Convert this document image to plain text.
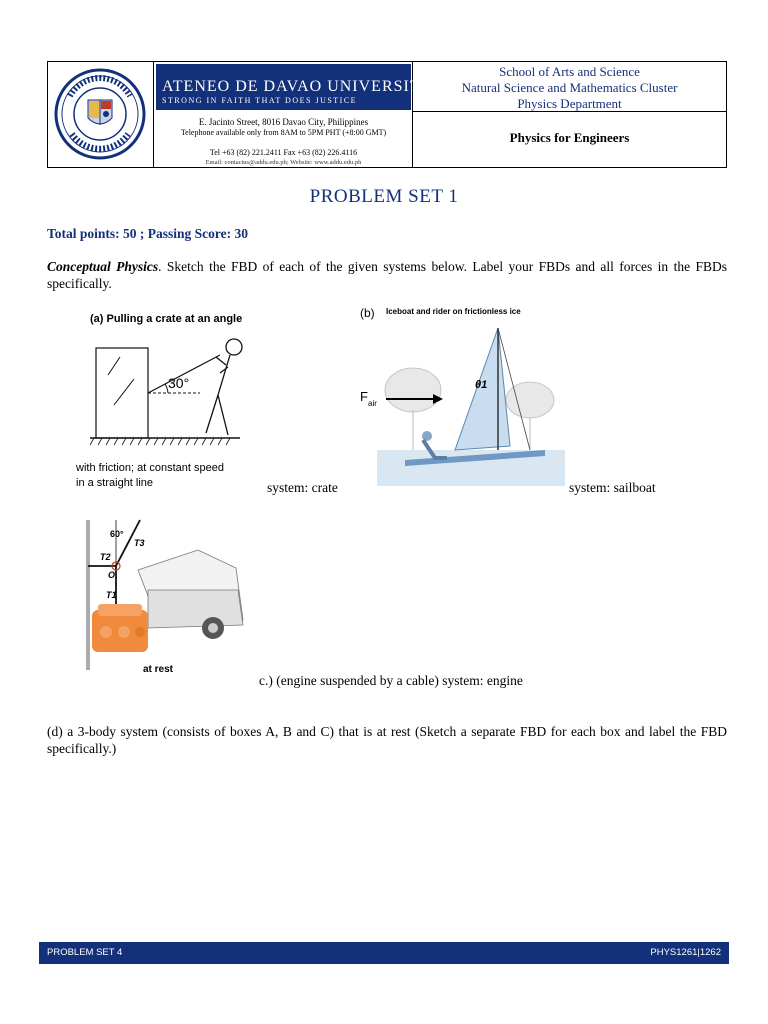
ATENEO DE DAVAO UNIVERSITY
STRONG IN FAITH THAT DOES JUSTICE
E. Jacinto Street, 8016 Davao City, Philippines
Telephone available only from 8AM to 5PM PHT (+8:00 GMT)
Tel +63 (82) 221.2411 Fax +63 (82) 226.4116
Email: contactus@addu.edu.ph; Website: www.addu.edu.ph
School of Arts and Science
Natural Science and Mathematics Cluster
Physics Department
Physics for Engineers
PROBLEM SET 1
Total points: 50 ; Passing Score: 30
Conceptual Physics. Sketch the FBD of each of the given systems below. Label your FBDs and all forces in the FBDs specifically.
(a) Pulling a crate at an angle
30°
with friction; at constant speed
in a straight line	system: crate
(b) Iceboat and rider on frictionless ice
θ1
F air
system: sailboat
60°
T3
T2
O
T1
at rest
c.) (engine suspended by a cable) system: engine
(d) a 3-body system (consists of boxes A, B and C) that is at rest (Sketch a separate FBD for each box and label the FBD specifically.)
PROBLEM SET 4	PHYS1261|1262
